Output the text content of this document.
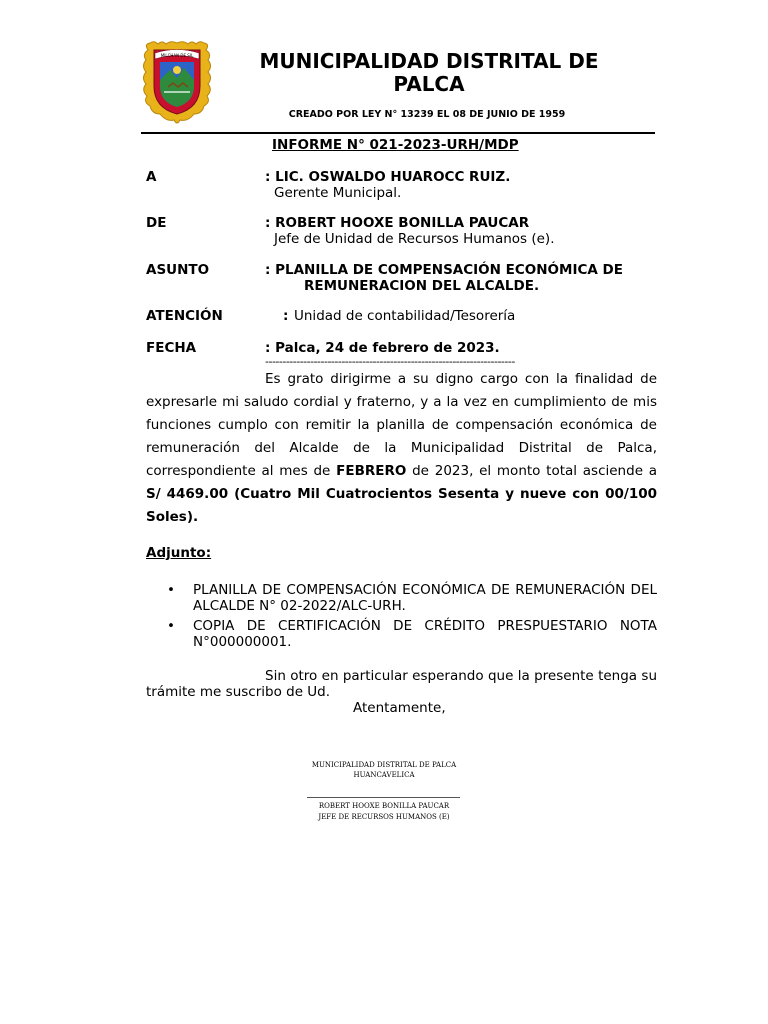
MILCHAN DE SIL	MUNICIPALIDAD DISTRITAL DE PALCA
CREADO POR LEY N° 13239 EL 08 DE JUNIO DE 1959
INFORME N° 021-2023-URH/MDP
A	: LIC. OSWALDO HUAROCC RUIZ.
Gerente Municipal.
DE	: ROBERT HOOXE BONILLA PAUCAR
Jefe de Unidad de Recursos Humanos (e).
ASUNTO	: PLANILLA DE COMPENSACIÓN ECONÓMICA DE
REMUNERACION DEL ALCALDE.
ATENCIÓN	: Unidad de contabilidad/Tesorería
FECHA	: Palca, 24 de febrero de 2023.
------------------------------------------------------------------------
Es grato dirigirme a su digno cargo con la finalidad de expresarle mi saludo cordial y fraterno, y a la vez en cumplimiento de mis funciones cumplo con remitir la planilla de compensación económica de remuneración del Alcalde de la Municipalidad Distrital de Palca, correspondiente al mes de FEBRERO de 2023, el monto total asciende a S/ 4469.00 (Cuatro Mil Cuatrocientos Sesenta y nueve con 00/100 Soles).
Adjunto:
• PLANILLA DE COMPENSACIÓN ECONÓMICA DE REMUNERACIÓN DEL ALCALDE N° 02-2022/ALC-URH.
• COPIA DE CERTIFICACIÓN DE CRÉDITO PRESPUESTARIO NOTA N°000000001.
Sin otro en particular esperando que la presente tenga su trámite me suscribo de Ud.
Atentamente,
MUNICIPALIDAD DISTRITAL DE PALCA
HUANCAVELICA
ROBERT HOOXE BONILLA PAUCAR
JEFE DE RECURSOS HUMANOS (E)
